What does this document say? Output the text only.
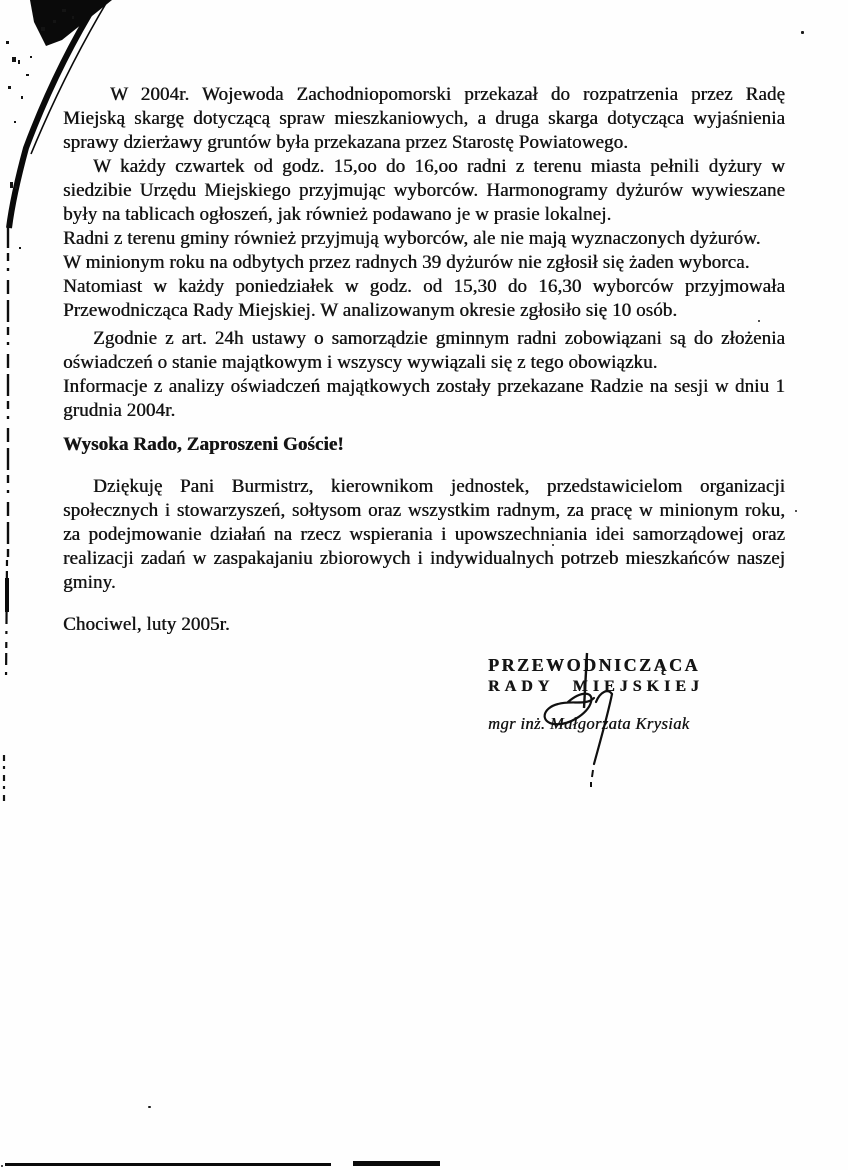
W 2004r. Wojewoda Zachodniopomorski przekazał do rozpatrzenia przez Radę Miejską skargę dotyczącą spraw mieszkaniowych, a druga skarga dotycząca wyjaśnienia sprawy dzierżawy gruntów była przekazana przez Starostę Powiatowego.

W każdy czwartek od godz. 15,oo do 16,oo radni z terenu miasta pełnili dyżury w siedzibie Urzędu Miejskiego przyjmując wyborców. Harmonogramy dyżurów wywieszane były na tablicach ogłoszeń, jak również podawano je w prasie lokalnej.

Radni z terenu gminy również przyjmują wyborców, ale nie mają wyznaczonych dyżurów.

W minionym roku na odbytych przez radnych 39 dyżurów nie zgłosił się żaden wyborca.

Natomiast w każdy poniedziałek w godz. od 15,30 do 16,30 wyborców przyjmowała Przewodnicząca Rady Miejskiej. W analizowanym okresie zgłosiło się 10 osób.

Zgodnie z art. 24h ustawy o samorządzie gminnym radni zobowiązani są do złożenia oświadczeń o stanie majątkowym i wszyscy wywiązali się z tego obowiązku.

Informacje z analizy oświadczeń majątkowych zostały przekazane Radzie na sesji w dniu 1 grudnia 2004r.

Wysoka Rado, Zaproszeni Goście!

Dziękuję Pani Burmistrz, kierownikom jednostek, przedstawicielom organizacji społecznych i stowarzyszeń, sołtysom oraz wszystkim radnym, za pracę w minionym roku, za podejmowanie działań na rzecz wspierania i upowszechniania idei samorządowej oraz realizacji zadań w zaspakajaniu zbiorowych i indywidualnych potrzeb mieszkańców naszej gminy.

Chociwel, luty 2005r.

PRZEWODNICZĄCA
RADY MIEJSKIEJ
mgr inż. Małgorzata Krysiak
